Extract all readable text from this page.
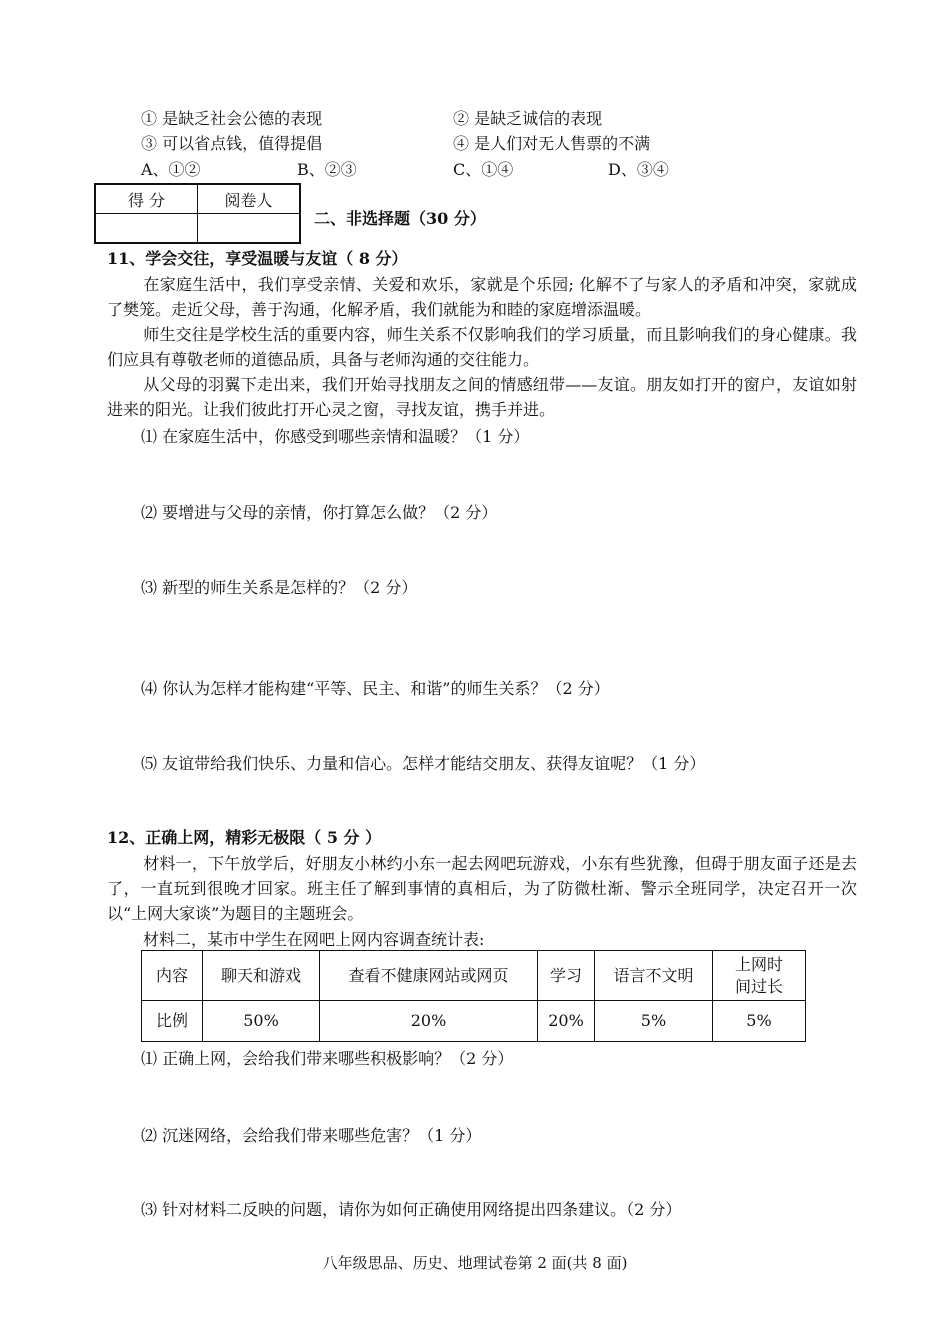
① 是缺乏社会公德的表现	② 是缺乏诚信的表现
③ 可以省点钱，值得提倡	④ 是人们对无人售票的不满
A、①②	B、②③	C、①④	D、③④
得 分	阅卷人

二、非选择题（30 分）
11、学会交往，享受温暖与友谊（ 8 分）
在家庭生活中，我们享受亲情、关爱和欢乐，家就是个乐园; 化解不了与家人的矛盾和冲突，家就成了樊笼。走近父母，善于沟通，化解矛盾，我们就能为和睦的家庭增添温暖。
师生交往是学校生活的重要内容，师生关系不仅影响我们的学习质量，而且影响我们的身心健康。我们应具有尊敬老师的道德品质，具备与老师沟通的交往能力。
从父母的羽翼下走出来，我们开始寻找朋友之间的情感纽带——友谊。朋友如打开的窗户，友谊如射进来的阳光。让我们彼此打开心灵之窗，寻找友谊，携手并进。
⑴ 在家庭生活中，你感受到哪些亲情和温暖？（1 分）
⑵ 要增进与父母的亲情，你打算怎么做？（2 分）
⑶ 新型的师生关系是怎样的？（2 分）
⑷ 你认为怎样才能构建“平等、民主、和谐”的师生关系？（2 分）
⑸ 友谊带给我们快乐、力量和信心。怎样才能结交朋友、获得友谊呢？（1 分）
12、正确上网，精彩无极限（ 5 分 ）
材料一，下午放学后，好朋友小林约小东一起去网吧玩游戏，小东有些犹豫，但碍于朋友面子还是去了，一直玩到很晚才回家。班主任了解到事情的真相后，为了防微杜渐、警示全班同学，决定召开一次以“上网大家谈”为题目的主题班会。
材料二，某市中学生在网吧上网内容调查统计表:
内容	聊天和游戏	查看不健康网站或网页	学习	语言不文明	上网时
间过长
比例	50%	20%	20%	5%	5%
⑴ 正确上网，会给我们带来哪些积极影响？（2 分）
⑵ 沉迷网络，会给我们带来哪些危害？（1 分）
⑶ 针对材料二反映的问题，请你为如何正确使用网络提出四条建议。（2 分）
八年级思品、历史、地理试卷第 2 面(共 8 面)
